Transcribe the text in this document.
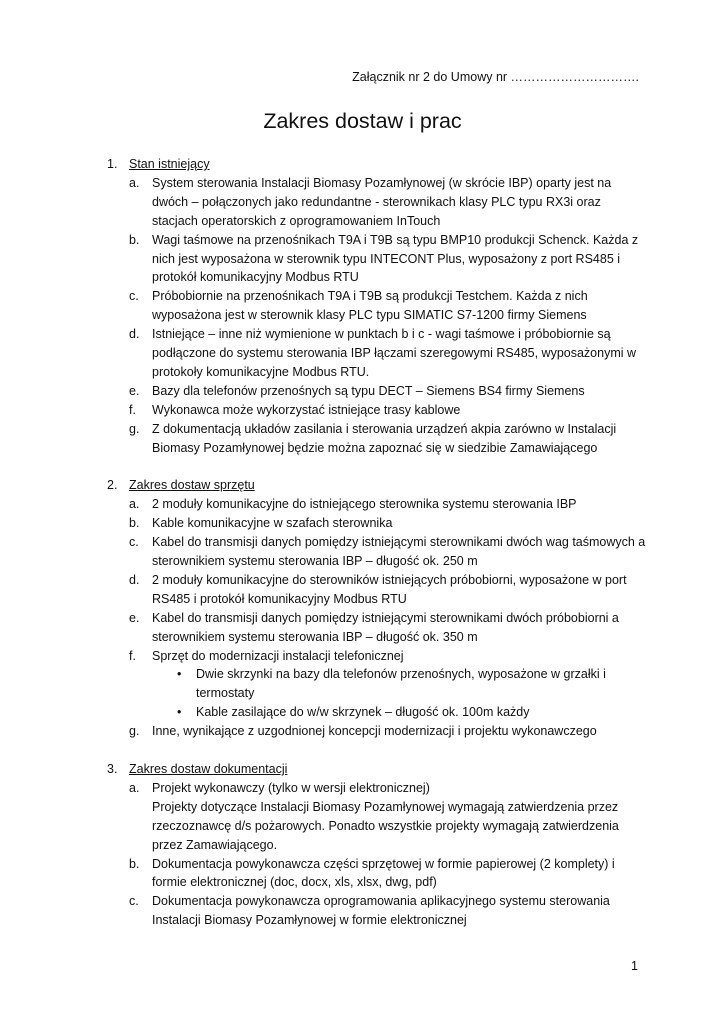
Załącznik nr 2 do Umowy nr ………………………….
Zakres dostaw i prac
1. Stan istniejący
a. System sterowania Instalacji Biomasy Pozamłynowej (w skrócie IBP) oparty jest na dwóch – połączonych jako redundantne - sterownikach klasy PLC typu RX3i oraz stacjach operatorskich z oprogramowaniem InTouch
b. Wagi taśmowe na przenośnikach T9A i T9B są typu BMP10 produkcji Schenck. Każda z nich jest wyposażona w sterownik typu INTECONT Plus, wyposażony z port RS485 i protokół komunikacyjny Modbus RTU
c. Próbobiornie na przenośnikach T9A i T9B są produkcji Testchem. Każda z nich wyposażona jest w sterownik klasy PLC typu SIMATIC S7-1200 firmy Siemens
d. Istniejące – inne niż wymienione w punktach b i c - wagi taśmowe i próbobiornie są podłączone do systemu sterowania IBP łączami szeregowymi RS485, wyposażonymi w protokoły komunikacyjne Modbus RTU.
e. Bazy dla telefonów przenośnych są typu DECT – Siemens BS4 firmy Siemens
f. Wykonawca może wykorzystać istniejące trasy kablowe
g. Z dokumentacją układów zasilania i sterowania urządzeń akpia zarówno w Instalacji Biomasy Pozamłynowej będzie można zapoznać się w siedzibie Zamawiającego
2. Zakres dostaw sprzętu
a. 2 moduły komunikacyjne do istniejącego sterownika systemu sterowania IBP
b. Kable komunikacyjne w szafach sterownika
c. Kabel do transmisji danych pomiędzy istniejącymi sterownikami dwóch wag taśmowych a sterownikiem systemu sterowania IBP – długość ok. 250 m
d. 2 moduły komunikacyjne do sterowników istniejących próbobiorni, wyposażone w port RS485 i protokół komunikacyjny Modbus RTU
e. Kabel do transmisji danych pomiędzy istniejącymi sterownikami dwóch próbobiorni a sterownikiem systemu sterowania IBP – długość ok. 350 m
f. Sprzęt do modernizacji instalacji telefonicznej
• Dwie skrzynki na bazy dla telefonów przenośnych, wyposażone w grzałki i termostaty
• Kable zasilające do w/w skrzynek – długość ok. 100m każdy
g. Inne, wynikające z uzgodnionej koncepcji modernizacji i projektu wykonawczego
3. Zakres dostaw dokumentacji
a. Projekt wykonawczy (tylko w wersji elektronicznej)
Projekty dotyczące Instalacji Biomasy Pozamłynowej wymagają zatwierdzenia przez rzeczoznawcę d/s pożarowych. Ponadto wszystkie projekty wymagają zatwierdzenia przez Zamawiającego.
b. Dokumentacja powykonawcza części sprzętowej w formie papierowej (2 komplety) i formie elektronicznej (doc, docx, xls, xlsx, dwg, pdf)
c. Dokumentacja powykonawcza oprogramowania aplikacyjnego systemu sterowania Instalacji Biomasy Pozamłynowej w formie elektronicznej
1
